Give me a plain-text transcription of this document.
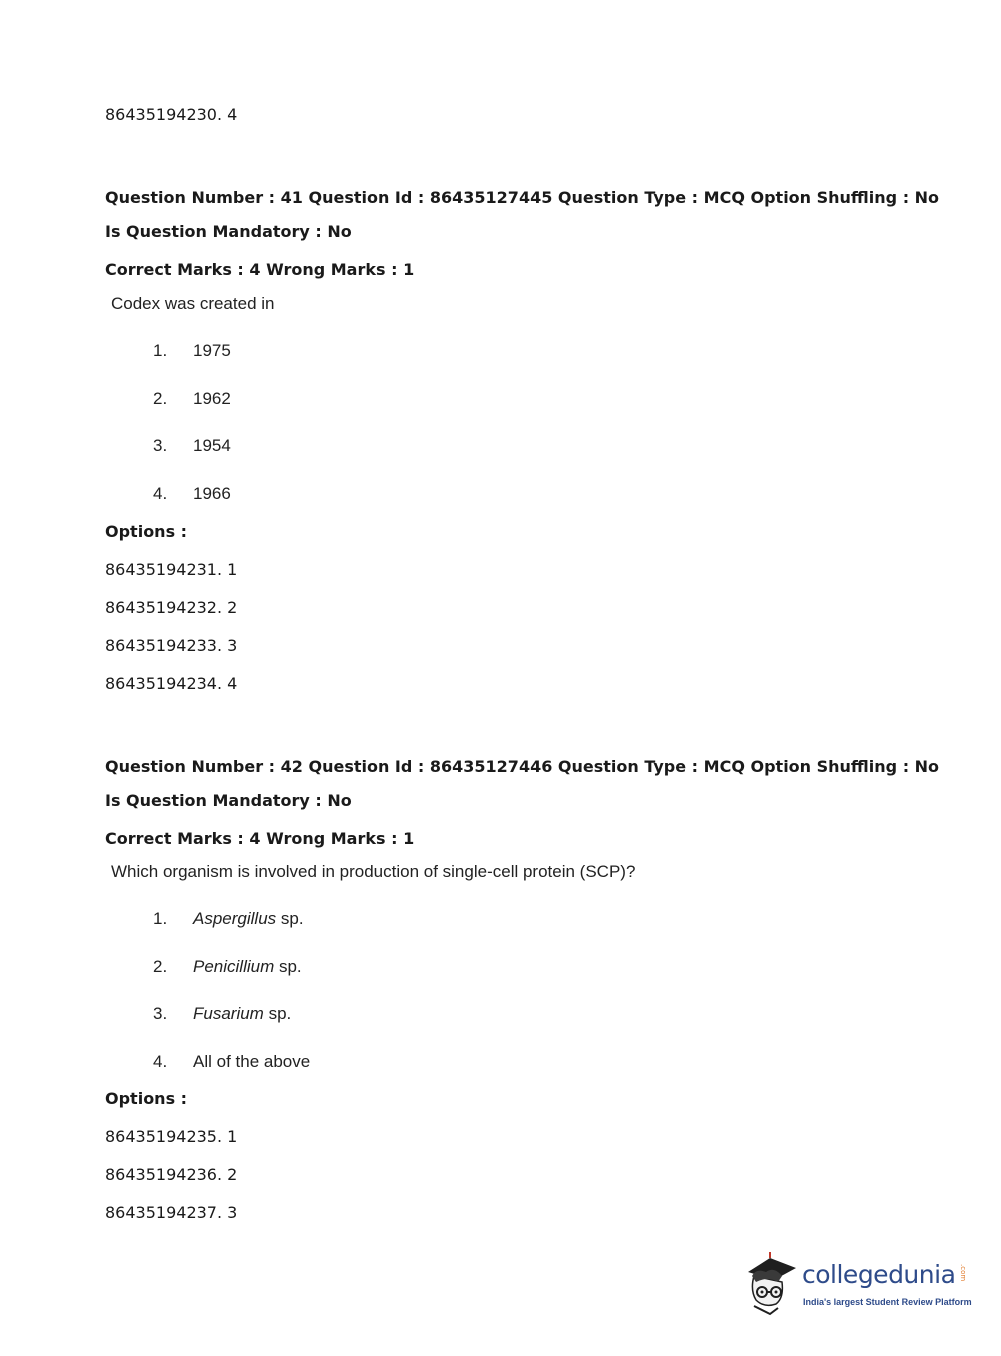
86435194230. 4
Question Number : 41 Question Id : 86435127445 Question Type : MCQ Option Shuffling : No
Is Question Mandatory : No
Correct Marks : 4 Wrong Marks : 1
Codex was created in
1. 1975
2. 1962
3. 1954
4. 1966
Options :
86435194231. 1
86435194232. 2
86435194233. 3
86435194234. 4
Question Number : 42 Question Id : 86435127446 Question Type : MCQ Option Shuffling : No
Is Question Mandatory : No
Correct Marks : 4 Wrong Marks : 1
Which organism is involved in production of single-cell protein (SCP)?
1. Aspergillus sp.
2. Penicillium sp.
3. Fusarium sp.
4. All of the above
Options :
86435194235. 1
86435194236. 2
86435194237. 3
collegedunia .com
India's largest Student Review Platform
